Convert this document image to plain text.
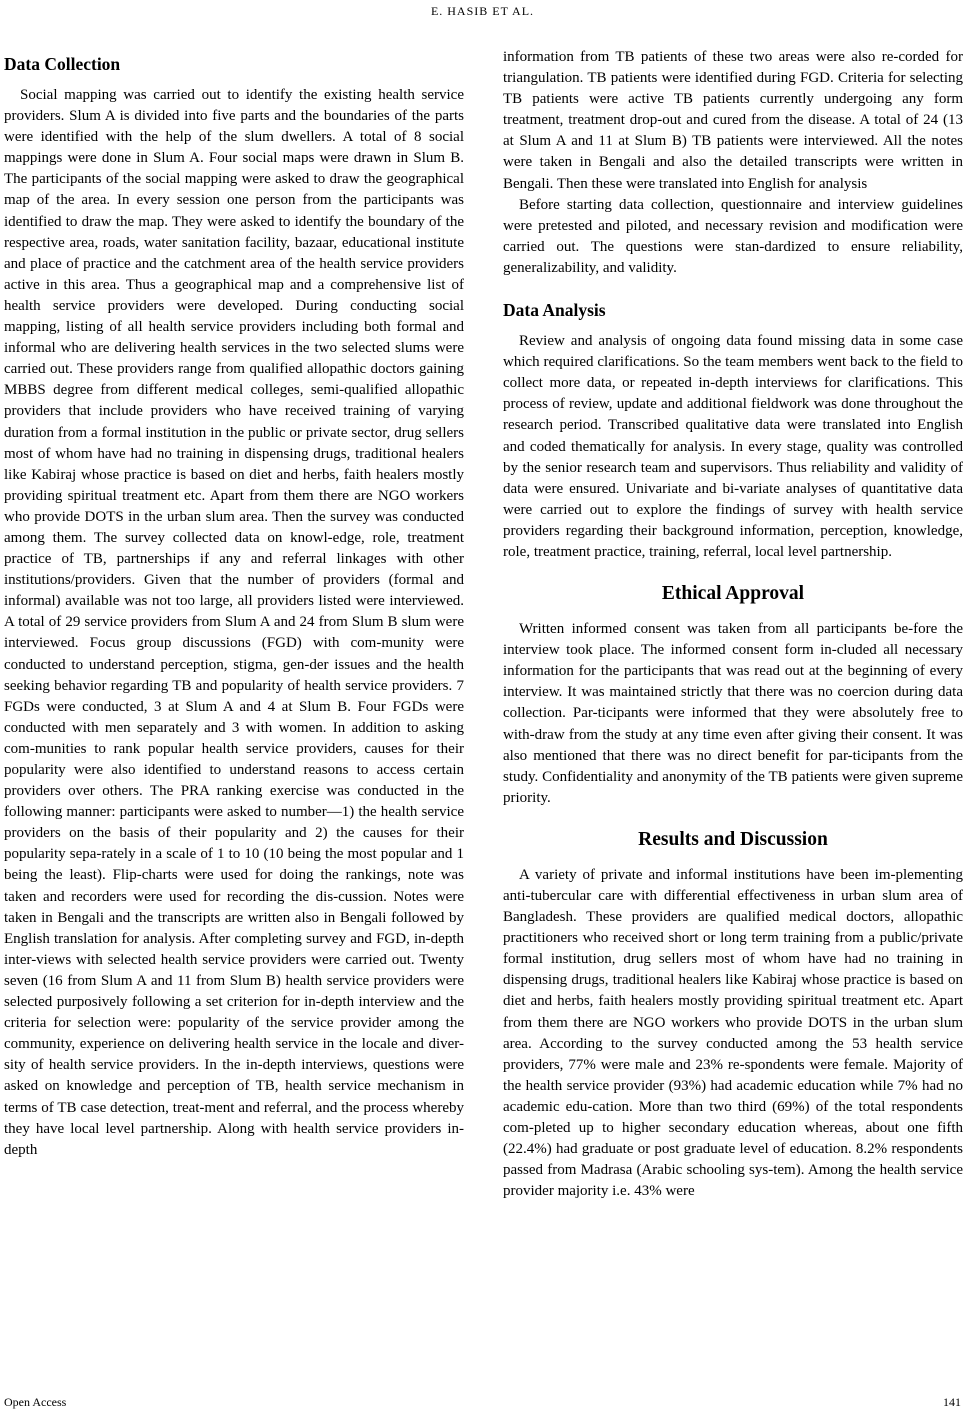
E. HASIB ET AL.
Data Collection

Social mapping was carried out to identify the existing health service providers. Slum A is divided into five parts and the boundaries of the parts were identified with the help of the slum dwellers. A total of 8 social mappings were done in Slum A. Four social maps were drawn in Slum B. The participants of the social mapping were asked to draw the geographical map of the area. In every session one person from the participants was identified to draw the map. They were asked to identify the boundary of the respective area, roads, water sanitation facility, bazaar, educational institute and place of practice and the catchment area of the health service providers active in this area. Thus a geographical map and a comprehensive list of health service providers were developed. During conducting social mapping, listing of all health service providers including both formal and informal who are delivering health services in the two selected slums were carried out. These providers range from qualified allopathic doctors gaining MBBS degree from different medical colleges, semi-qualified allopathic providers that include providers who have received training of varying duration from a formal institution in the public or private sector, drug sellers most of whom have had no training in dispensing drugs, traditional healers like Kabiraj whose practice is based on diet and herbs, faith healers mostly providing spiritual treatment etc. Apart from them there are NGO workers who provide DOTS in the urban slum area. Then the survey was conducted among them. The survey collected data on knowl-edge, role, treatment practice of TB, partnerships if any and referral linkages with other institutions/providers. Given that the number of providers (formal and informal) available was not too large, all providers listed were interviewed. A total of 29 service providers from Slum A and 24 from Slum B slum were interviewed. Focus group discussions (FGD) with com-munity were conducted to understand perception, stigma, gen-der issues and the health seeking behavior regarding TB and popularity of health service providers. 7 FGDs were conducted, 3 at Slum A and 4 at Slum B. Four FGDs were conducted with men separately and 3 with women. In addition to asking com-munities to rank popular health service providers, causes for their popularity were also identified to understand reasons to access certain providers over others. The PRA ranking exercise was conducted in the following manner: participants were asked to number—1) the health service providers on the basis of their popularity and 2) the causes for their popularity sepa-rately in a scale of 1 to 10 (10 being the most popular and 1 being the least). Flip-charts were used for doing the rankings, note was taken and recorders were used for recording the dis-cussion. Notes were taken in Bengali and the transcripts are written also in Bengali followed by English translation for analysis. After completing survey and FGD, in-depth inter-views with selected health service providers were carried out. Twenty seven (16 from Slum A and 11 from Slum B) health service providers were selected purposively following a set criterion for in-depth interview and the criteria for selection were: popularity of the service provider among the community, experience on delivering health service in the locale and diver-sity of health service providers. In the in-depth interviews, questions were asked on knowledge and perception of TB, health service mechanism in terms of TB case detection, treat-ment and referral, and the process whereby they have local level partnership. Along with health service providers in-depth

information from TB patients of these two areas were also re-corded for triangulation. TB patients were identified during FGD. Criteria for selecting TB patients were active TB patients currently undergoing any form treatment, treatment drop-out and cured from the disease. A total of 24 (13 at Slum A and 11 at Slum B) TB patients were interviewed. All the notes were taken in Bengali and also the detailed transcripts were written in Bengali. Then these were translated into English for analysis

Before starting data collection, questionnaire and interview guidelines were pretested and piloted, and necessary revision and modification were carried out. The questions were stan-dardized to ensure reliability, generalizability, and validity.

Data Analysis

Review and analysis of ongoing data found missing data in some case which required clarifications. So the team members went back to the field to collect more data, or repeated in-depth interviews for clarifications. This process of review, update and additional fieldwork was done throughout the research period. Transcribed qualitative data were translated into English and coded thematically for analysis. In every stage, quality was controlled by the senior research team and supervisors. Thus reliability and validity of data were ensured. Univariate and bi-variate analyses of quantitative data were carried out to explore the findings of survey with health service providers regarding their background information, perception, knowledge, role, treatment practice, training, referral, local level partnership.

Ethical Approval

Written informed consent was taken from all participants be-fore the interview took place. The informed consent form in-cluded all necessary information for the participants that was read out at the beginning of every interview. It was maintained strictly that there was no coercion during data collection. Par-ticipants were informed that they were absolutely free to with-draw from the study at any time even after giving their consent. It was also mentioned that there was no direct benefit for par-ticipants from the study. Confidentiality and anonymity of the TB patients were given supreme priority.

Results and Discussion

A variety of private and informal institutions have been im-plementing anti-tubercular care with differential effectiveness in urban slum area of Bangladesh. These providers are qualified medical doctors, allopathic practitioners who received short or long term training from a public/private formal institution, drug sellers most of whom have had no training in dispensing drugs, traditional healers like Kabiraj whose practice is based on diet and herbs, faith healers mostly providing spiritual treatment etc. Apart from them there are NGO workers who provide DOTS in the urban slum area. According to the survey conducted among the 53 health service providers, 77% were male and 23% re-spondents were female. Majority of the health service provider (93%) had academic education while 7% had no academic edu-cation. More than two third (69%) of the total respondents com-pleted up to higher secondary education whereas, about one fifth (22.4%) had graduate or post graduate level of education. 8.2% respondents passed from Madrasa (Arabic schooling sys-tem). Among the health service provider majority i.e. 43% were

Open Access	141
